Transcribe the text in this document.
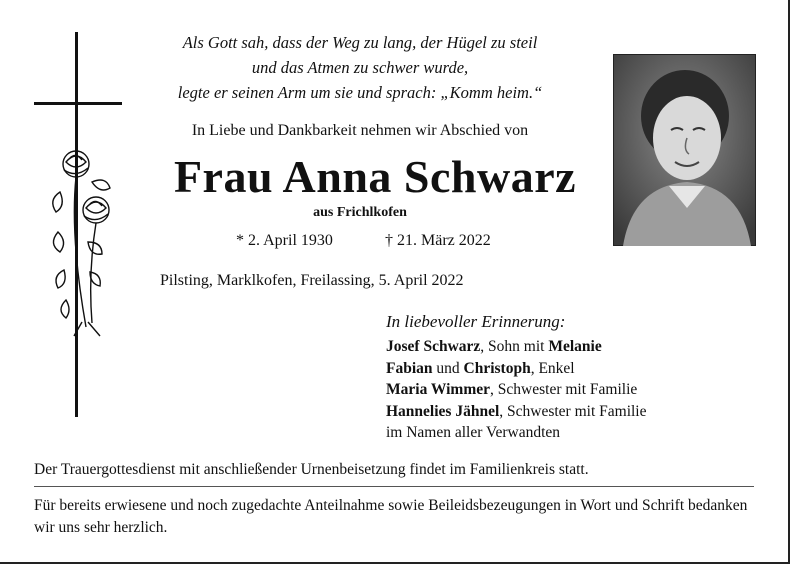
Als Gott sah, dass der Weg zu lang, der Hügel zu steil
und das Atmen zu schwer wurde,
legte er seinen Arm um sie und sprach: „Komm heim.“
In Liebe und Dankbarkeit nehmen wir Abschied von
Frau Anna Schwarz
aus Frichlkofen
* 2. April 1930	† 21. März 2022
Pilsting, Marklkofen, Freilassing, 5. April 2022
In liebevoller Erinnerung:
Josef Schwarz, Sohn mit Melanie
Fabian und Christoph, Enkel
Maria Wimmer, Schwester mit Familie
Hannelies Jähnel, Schwester mit Familie
im Namen aller Verwandten
Der Trauergottesdienst mit anschließender Urnenbeisetzung findet im Familienkreis statt.
Für bereits erwiesene und noch zugedachte Anteilnahme sowie Beileidsbezeugungen in Wort und Schrift bedanken wir uns sehr herzlich.
